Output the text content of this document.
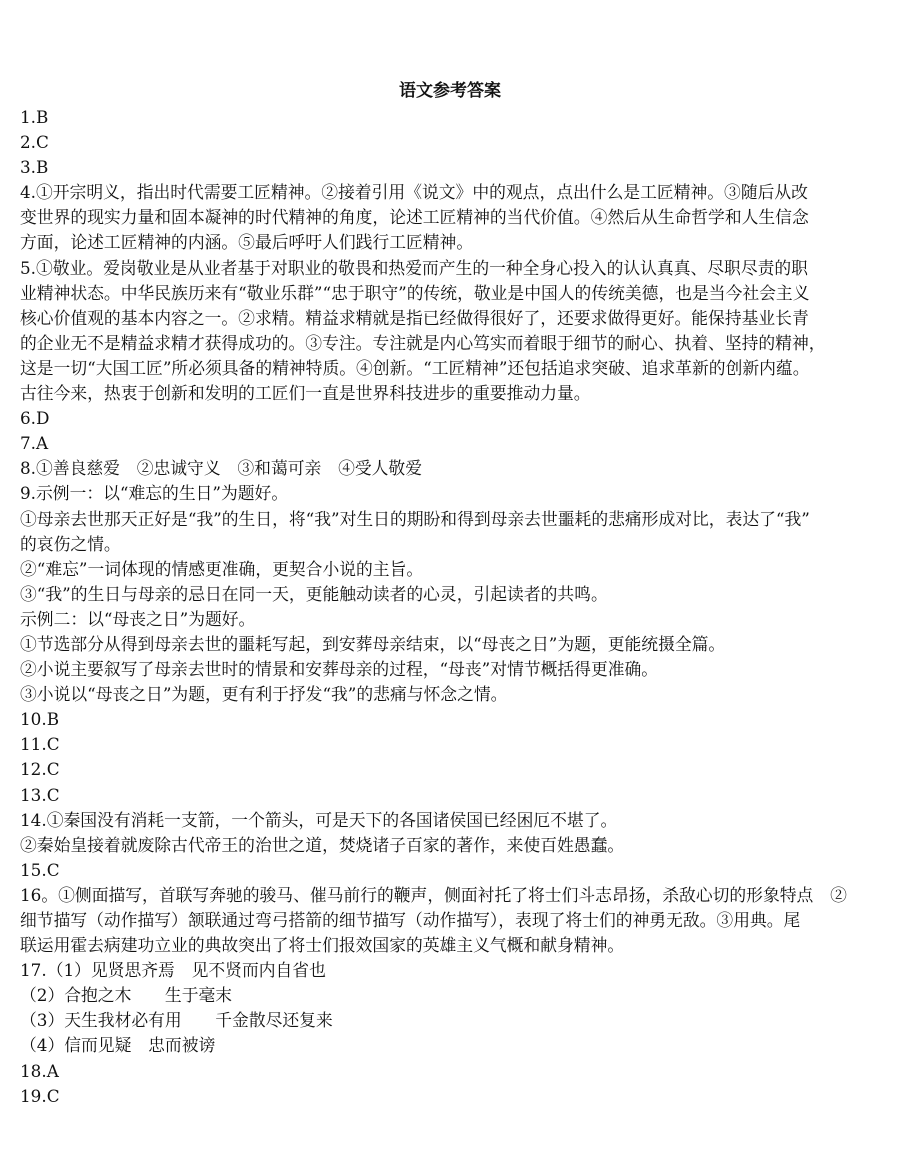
语文参考答案

1.B

2.C

3.B

4.①开宗明义，指出时代需要工匠精神。②接着引用《说文》中的观点，点出什么是工匠精神。③随后从改

变世界的现实力量和固本凝神的时代精神的角度，论述工匠精神的当代价值。④然后从生命哲学和人生信念

方面，论述工匠精神的内涵。⑤最后呼吁人们践行工匠精神。

5.①敬业。爱岗敬业是从业者基于对职业的敬畏和热爱而产生的一种全身心投入的认认真真、尽职尽责的职

业精神状态。中华民族历来有“敬业乐群”“忠于职守”的传统，敬业是中国人的传统美德，也是当今社会主义

核心价值观的基本内容之一。②求精。精益求精就是指已经做得很好了，还要求做得更好。能保持基业长青

的企业无不是精益求精才获得成功的。③专注。专注就是内心笃实而着眼于细节的耐心、执着、坚持的精神，

这是一切“大国工匠”所必须具备的精神特质。④创新。“工匠精神”还包括追求突破、追求革新的创新内蕴。

古往今来，热衷于创新和发明的工匠们一直是世界科技进步的重要推动力量。

6.D

7.A

8.①善良慈爱　②忠诚守义　③和蔼可亲　④受人敬爱

9.示例一：以“难忘的生日”为题好。

①母亲去世那天正好是“我”的生日，将“我”对生日的期盼和得到母亲去世噩耗的悲痛形成对比，表达了“我”

的哀伤之情。

②“难忘”一词体现的情感更准确，更契合小说的主旨。

③“我”的生日与母亲的忌日在同一天，更能触动读者的心灵，引起读者的共鸣。

示例二：以“母丧之日”为题好。

①节选部分从得到母亲去世的噩耗写起，到安葬母亲结束，以“母丧之日”为题，更能统摄全篇。

②小说主要叙写了母亲去世时的情景和安葬母亲的过程，“母丧”对情节概括得更准确。

③小说以“母丧之日”为题，更有利于抒发“我”的悲痛与怀念之情。

10.B

11.C

12.C

13.C

14.①秦国没有消耗一支箭，一个箭头，可是天下的各国诸侯国已经困厄不堪了。

②秦始皇接着就废除古代帝王的治世之道，焚烧诸子百家的著作，来使百姓愚蠢。

15.C

16。①侧面描写，首联写奔驰的骏马、催马前行的鞭声，侧面衬托了将士们斗志昂扬，杀敌心切的形象特点　②

细节描写（动作描写）颔联通过弯弓搭箭的细节描写（动作描写），表现了将士们的神勇无敌。③用典。尾

联运用霍去病建功立业的典故突出了将士们报效国家的英雄主义气概和献身精神。

17.（1）见贤思齐焉　见不贤而内自省也

（2）合抱之木　　生于毫末

（3）天生我材必有用　　千金散尽还复来

（4）信而见疑　忠而被谤

18.A

19.C
